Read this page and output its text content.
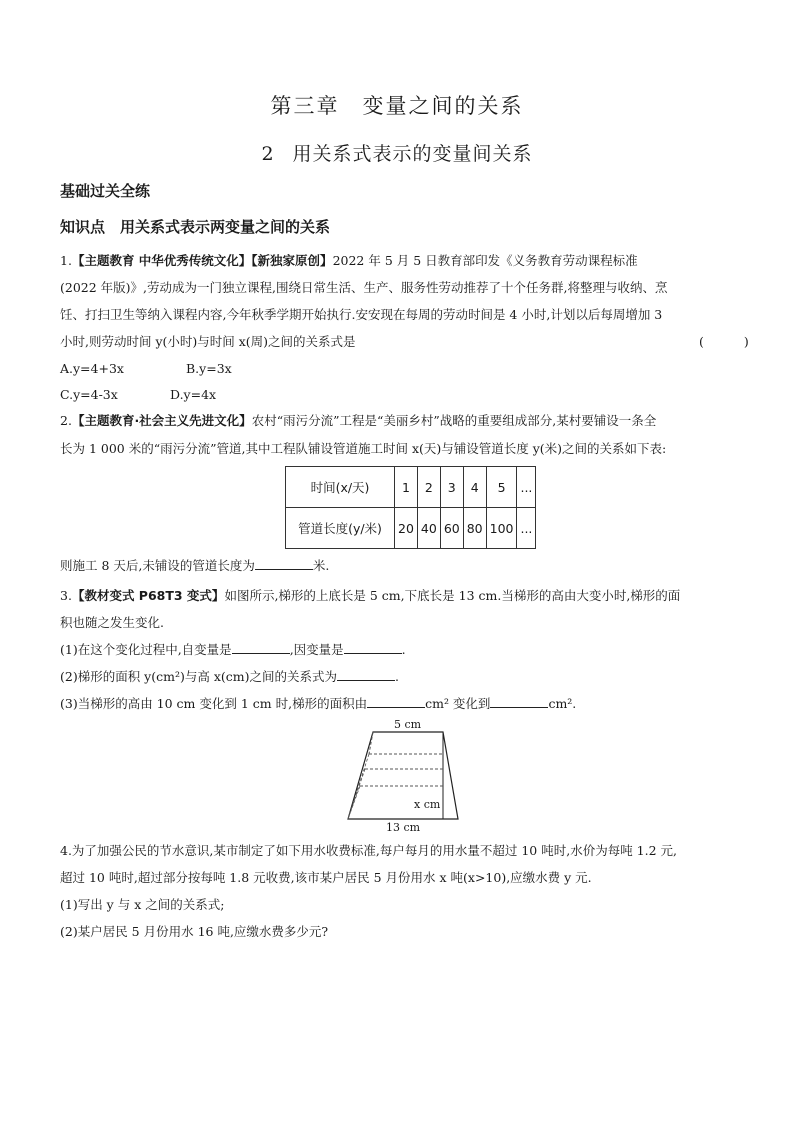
第三章　变量之间的关系
2 用关系式表示的变量间关系
基础过关全练
知识点　用关系式表示两变量之间的关系
1.【主题教育 中华优秀传统文化】【新独家原创】2022 年 5 月 5 日教育部印发《义务教育劳动课程标准
(2022 年版)》,劳动成为一门独立课程,围绕日常生活、生产、服务性劳动推荐了十个任务群,将整理与收纳、烹
饪、打扫卫生等纳入课程内容,今年秋季学期开始执行.安安现在每周的劳动时间是 4 小时,计划以后每周增加 3
小时,则劳动时间 y(小时)与时间 x(周)之间的关系式是	( )
A.y=4+3x	B.y=3x
C.y=4-3x	D.y=4x
2.【主题教育·社会主义先进文化】农村“雨污分流”工程是“美丽乡村”战略的重要组成部分,某村要铺设一条全
长为 1 000 米的“雨污分流”管道,其中工程队铺设管道施工时间 x(天)与铺设管道长度 y(米)之间的关系如下表:
时间(x/天)	1	2	3	4	5	...
管道长度(y/米)	20	40	60	80	100	...
则施工 8 天后,未铺设的管道长度为	米.
3.【教材变式 P68T3 变式】如图所示,梯形的上底长是 5 cm,下底长是 13 cm.当梯形的高由大变小时,梯形的面
积也随之发生变化.
(1)在这个变化过程中,自变量是	,因变量是	.
(2)梯形的面积 y(cm²)与高 x(cm)之间的关系式为	.
(3)当梯形的高由 10 cm 变化到 1 cm 时,梯形的面积由	cm² 变化到	cm².
5 cm
x cm
13 cm
4.为了加强公民的节水意识,某市制定了如下用水收费标准,每户每月的用水量不超过 10 吨时,水价为每吨 1.2 元,
超过 10 吨时,超过部分按每吨 1.8 元收费,该市某户居民 5 月份用水 x 吨(x>10),应缴水费 y 元.
(1)写出 y 与 x 之间的关系式;
(2)某户居民 5 月份用水 16 吨,应缴水费多少元?
